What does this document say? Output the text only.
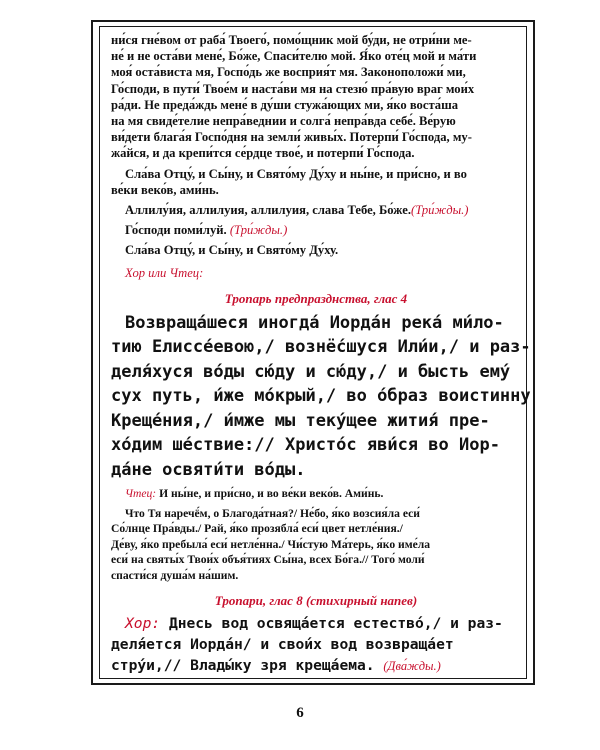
ни́ся гне́вом от раба́ Твоего́, помо́щник мой бу́ди, не отри́ни ме-
не́ и не оста́ви мене́, Бо́же, Спаси́телю мой. Я́ко оте́ц мой и ма́ти
моя́ оста́виста мя, Госпо́дь же восприя́т мя. Законоположи́ ми,
Го́споди, в пути́ Твое́м и наста́ви мя на стезю́ пра́вую враг мои́х
ра́ди. Не преда́ждь мене́ в ду́ши стужа́ющих ми, я́ко воста́ша
на мя свиде́телие непра́веднии и солга́ непра́вда себе́. Ве́рую
ви́дети блага́я Госпо́дня на земли́ живы́х. Потерпи́ Го́спода, му-
жа́йся, и да крепи́тся се́рдце твое́, и потерпи́ Го́спода.
Сла́ва Отцу́, и Сы́ну, и Свято́му Ду́ху и ны́не, и при́сно, и во
ве́ки веко́в, ами́нь.
Аллилу́ия, аллилуия, аллилуия, слава Тебе, Бо́же.(Три́жды.)
Го́споди поми́луй. (Три́жды.)
Сла́ва Отцу́, и Сы́ну, и Свято́му Ду́ху.
Хор или Чтец:
Тропарь предпразднства, глас 4
Возвраща́шеся иногда́ Иорда́н река́ ми́ло-
тию Елиссе́евою,/ вознё́сшуся Или́и,/ и раз-
деля́хуся во́ды сю́ду и сю́ду,/ и бысть ему́
сух путь, и́же мо́крый,/ во о́браз воистинну
Креще́ния,/ и́мже мы теку́щее жития́ пре-
хо́дим ше́ствие:// Христо́с яви́ся во Иор-
да́не освяти́ти во́ды.
Чтец: И ны́не, и при́сно, и во ве́ки веко́в. Ами́нь.
Что Тя наречё́м, о Благода́тная?/ Не́бо, я́ко возсия́ла еси́
Со́лнце Пра́вды./ Рай, я́ко прозябла́ еси́ цвет нетле́ния./
Де́ву, я́ко пребыла́ еси́ нетле́нна./ Чи́стую Ма́терь, я́ко име́ла
еси́ на святы́х Твои́х объя́тиях Сы́на, всех Бо́га.// Того́ моли́
спасти́ся душа́м на́шим.
Тропари, глас 8 (стихирный напев)
Хор: Днесь вод освяща́ется естество́,/ и раз-
деля́ется Иорда́н/ и свои́х вод возвраща́ет
стру́и,// Влады́ку зря креща́ема. (Два́жды.)
6
